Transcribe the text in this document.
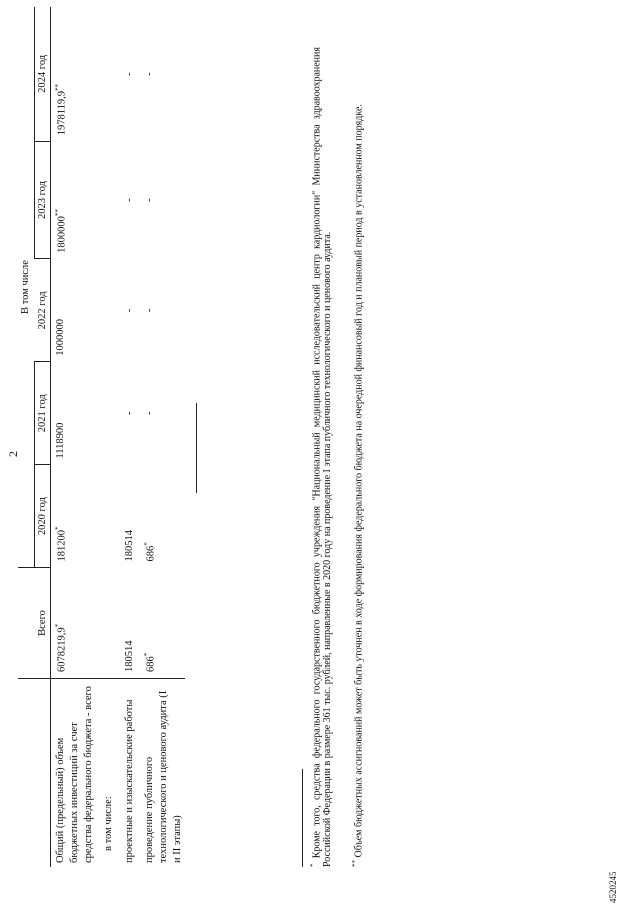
2
	Всего	В том числе				
		2020 год	2021 год	2022 год	2023 год	2024 год
Общий (предельный) объем бюджетных инвестиций за счет средства федерального бюджета - всего	6078219,9*	181200*	1118900	1000000	1800000**	1978119,9**
в том числе:						
проектные и изыскательские работы	180514	180514	-	-	-	-
проведение публичного технологического и ценового аудита (I и II этапы)	686*	686*	-	-	-	-
* Кроме того, средства федерального государственного бюджетного учреждения "Национальный медицинский исследовательский центр кардиологии" Министерства здравоохранения Российской Федерации в размере 361 тыс. рублей, направленные в 2020 году на проведение I этапа публичного технологического и ценового аудита.	** Объем бюджетных ассигнований может быть уточнен в ходе формирования федерального бюджета на очередной финансовый год и плановый период в установленном порядке.
4520245
